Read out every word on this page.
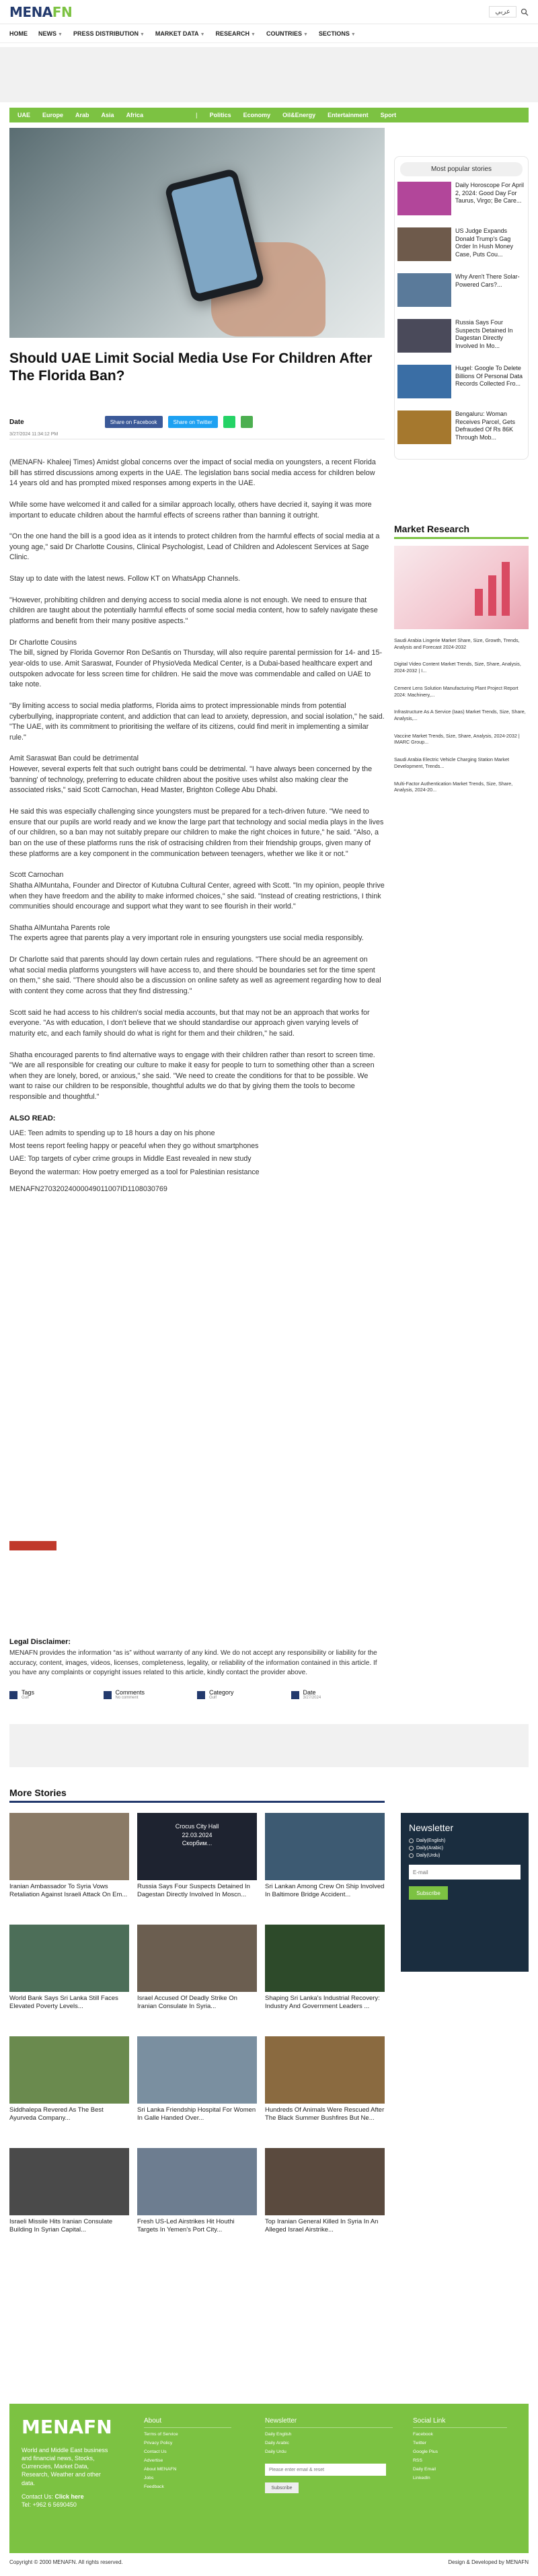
MENAFN	عربي
HOME NEWS ▼ PRESS DISTRIBUTION ▼ MARKET DATA ▼ RESEARCH ▼ COUNTRIES ▼ SECTIONS ▼
UAE Europe Arab Asia Africa	| Politics Economy Oil&Energy Entertainment Sport
Should UAE Limit Social Media Use For Children After The Florida Ban?
Date
3/27/2024 11:34:12 PM
Share on Facebook	Share on Twitter

(MENAFN- Khaleej Times) Amidst global concerns over the impact of social media on youngsters, a recent Florida bill has stirred discussions among experts in the UAE. The legislation bans social media access for children below 14 years old and has prompted mixed responses among experts in the UAE.

While some have welcomed it and called for a similar approach locally, others have decried it, saying it was more important to educate children about the harmful effects of screens rather than banning it outright.

"On the one hand the bill is a good idea as it intends to protect children from the harmful effects of social media at a young age," said Dr Charlotte Cousins, Clinical Psychologist, Lead of Children and Adolescent Services at Sage Clinic.

Stay up to date with the latest news. Follow KT on WhatsApp Channels.

"However, prohibiting children and denying access to social media alone is not enough. We need to ensure that children are taught about the potentially harmful effects of some social media content, how to safely navigate these platforms and benefit from their many positive aspects."

Dr Charlotte Cousins
The bill, signed by Florida Governor Ron DeSantis on Thursday, will also require parental permission for 14- and 15-year-olds to use. Amit Saraswat, Founder of PhysioVeda Medical Center, is a Dubai-based healthcare expert and outspoken advocate for less screen time for children. He said the move was commendable and called on UAE to take note.

"By limiting access to social media platforms, Florida aims to protect impressionable minds from potential cyberbullying, inappropriate content, and addiction that can lead to anxiety, depression, and social isolation," he said. "The UAE, with its commitment to prioritising the welfare of its citizens, could find merit in implementing a similar rule."

Amit Saraswat Ban could be detrimental
However, several experts felt that such outright bans could be detrimental. "I have always been concerned by the 'banning' of technology, preferring to educate children about the positive uses whilst also making clear the associated risks," said Scott Carnochan, Head Master, Brighton College Abu Dhabi.

He said this was especially challenging since youngsters must be prepared for a tech-driven future. "We need to ensure that our pupils are world ready and we know the large part that technology and social media plays in the lives of our children, so a ban may not suitably prepare our children to make the right choices in future," he said. "Also, a ban on the use of these platforms runs the risk of ostracising children from their friendship groups, given many of these platforms are a key component in the communication between teenagers, whether we like it or not."

Scott Carnochan
Shatha AlMuntaha, Founder and Director of Kutubna Cultural Center, agreed with Scott. "In my opinion, people thrive when they have freedom and the ability to make informed choices," she said. "Instead of creating restrictions, I think communities should encourage and support what they want to see flourish in their world."

Shatha AlMuntaha Parents role
The experts agree that parents play a very important role in ensuring youngsters use social media responsibly.

Dr Charlotte said that parents should lay down certain rules and regulations. "There should be an agreement on what social media platforms youngsters will have access to, and there should be boundaries set for the time spent on them," she said. "There should also be a discussion on online safety as well as agreement regarding how to deal with content they come across that they find distressing."

Scott said he had access to his children's social media accounts, but that may not be an approach that works for everyone. "As with education, I don't believe that we should standardise our approach given varying levels of maturity etc, and each family should do what is right for them and their children," he said.

Shatha encouraged parents to find alternative ways to engage with their children rather than resort to screen time. "We are all responsible for creating our culture to make it easy for people to turn to something other than a screen when they are lonely, bored, or anxious," she said. "We need to create the conditions for that to be possible. We want to raise our children to be responsible, thoughtful adults we do that by giving them the tools to become responsible and thoughtful."

ALSO READ:
UAE: Teen admits to spending up to 18 hours a day on his phone
Most teens report feeling happy or peaceful when they go without smartphones
UAE: Top targets of cyber crime groups in Middle East revealed in new study
Beyond the waterman: How poetry emerged as a tool for Palestinian resistance

MENAFN27032024000049011007ID1108030769

Most popular stories
Daily Horoscope For April 2, 2024: Good Day For Taurus, Virgo; Be Care...
US Judge Expands Donald Trump's Gag Order In Hush Money Case, Puts Cou...
Why Aren't There Solar-Powered Cars?...
Russia Says Four Suspects Detained In Dagestan Directly Involved In Mo...
Hugel: Google To Delete Billions Of Personal Data Records Collected Fro...
Bengaluru: Woman Receives Parcel, Gets Defrauded Of Rs 86K Through Mob...
Market Research
Saudi Arabia Lingerie Market Share, Size, Growth, Trends, Analysis and Forecast 2024-2032
Digital Video Content Market Trends, Size, Share, Analysis, 2024-2032 | I...
Cement Lens Solution Manufacturing Plant Project Report 2024: Machinery,...
Infrastructure As A Service (Iaas) Market Trends, Size, Share, Analysis,...
Vaccine Market Trends, Size, Share, Analysis, 2024-2032 | IMARC Group...
Saudi Arabia Electric Vehicle Charging Station Market Development, Trends...
Multi-Factor Authentication Market Trends, Size, Share, Analysis, 2024-20...
Legal Disclaimer:

MENAFN provides the information “as is” without warranty of any kind. We do not accept any responsibility or liability for the accuracy, content, images, videos, licenses, completeness, legality, or reliability of the information contained in this article. If you have any complaints or copyright issues related to this article, kindly contact the provider above.

Tags
Gulf
Comments
No comment
Category
Gulf
Date
3/27/2024
More Stories
Iranian Ambassador To Syria Vows Retaliation Against Israeli Attack On Em...
Crocus City Hall
22.03.2024
Скорбим...
Russia Says Four Suspects Detained In Dagestan Directly Involved In Moscn...
Sri Lankan Among Crew On Ship Involved In Baltimore Bridge Accident...
World Bank Says Sri Lanka Still Faces Elevated Poverty Levels...
Israel Accused Of Deadly Strike On Iranian Consulate In Syria...
Shaping Sri Lanka's Industrial Recovery: Industry And Government Leaders ...
Siddhalepa Revered As The Best Ayurveda Company...
Sri Lanka Friendship Hospital For Women In Galle Handed Over...
Hundreds Of Animals Were Rescued After The Black Summer Bushfires But Ne...
Israeli Missile Hits Iranian Consulate Building In Syrian Capital...
Fresh US-Led Airstrikes Hit Houthi Targets In Yemen's Port City...
Top Iranian General Killed In Syria In An Alleged Israel Airstrike...
Newsletter
Daily(English)
Daily(Arabic)
Daily(Urdu)
E-mail
Subscribe
MENAFN
World and Middle East business and financial news, Stocks, Currencies, Market Data, Research, Weather and other data.
Contact Us: Click here
Tel: +962 6 5690450
About
Terms of Service
Privacy Policy
Contact Us
Advertise
About MENAFN
Jobs
Feedback
Newsletter
Daily English
Daily Arabic
Daily Urdu
Please enter email & reset
Subscribe
Social Link
Facebook
Twitter
Google Plus
RSS
Daily Email
LinkedIn
Copyright © 2000 MENAFN. All rights reserved.	Design & Developed by MENAFN
